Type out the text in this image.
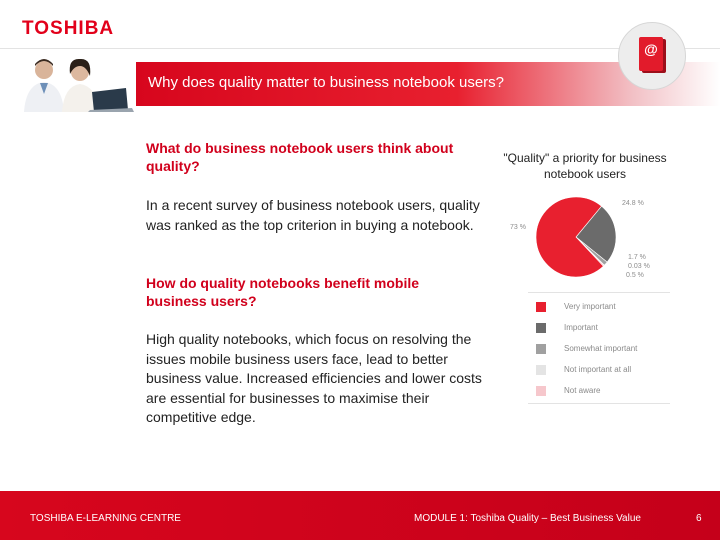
TOSHIBA
Why does quality matter to business notebook users?
@
What do business notebook users think about quality?
In a recent survey of business notebook users, quality was ranked as the top criterion in buying a notebook.
How do quality notebooks benefit mobile business users?
High quality notebooks, which focus on resolving the issues mobile business users face, lead to better business value. Increased efficiencies and lower costs are essential for businesses to maximise their competitive edge.
"Quality" a priority for business notebook users
73 %
24.8 %
1.7 %
0.03 %
0.5 %
Very important
Important
Somewhat important
Not important at all
Not aware
TOSHIBA E-LEARNING CENTRE	MODULE 1: Toshiba Quality – Best Business Value	6
